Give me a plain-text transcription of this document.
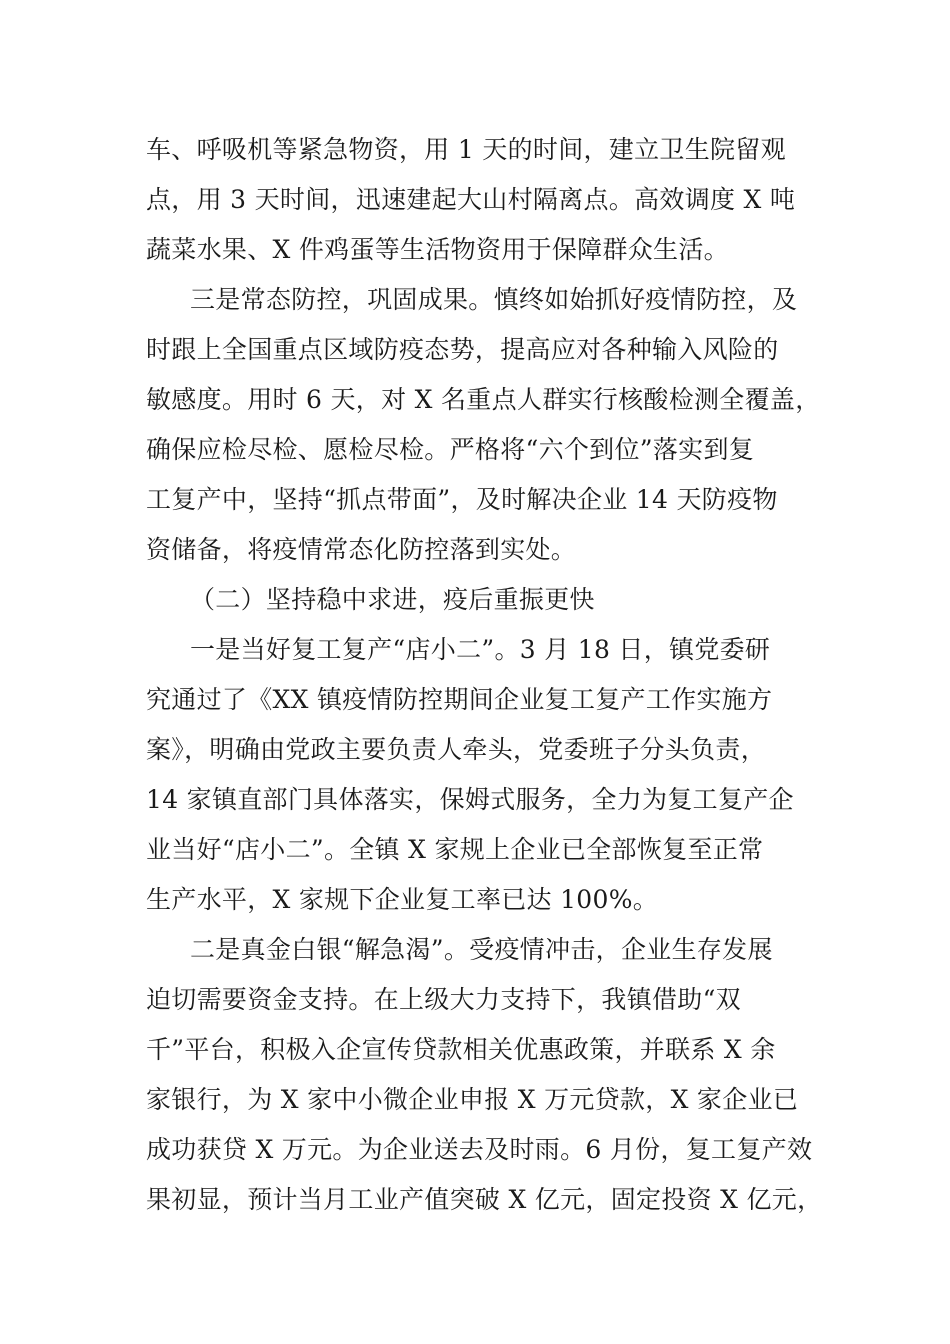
车、呼吸机等紧急物资，用 1 天的时间，建立卫生院留观
点，用 3 天时间，迅速建起大山村隔离点。高效调度 X 吨
蔬菜水果、X 件鸡蛋等生活物资用于保障群众生活。
三是常态防控，巩固成果。慎终如始抓好疫情防控，及
时跟上全国重点区域防疫态势，提高应对各种输入风险的
敏感度。用时 6 天，对 X 名重点人群实行核酸检测全覆盖，
确保应检尽检、愿检尽检。严格将“六个到位”落实到复
工复产中，坚持“抓点带面”，及时解决企业 14 天防疫物
资储备，将疫情常态化防控落到实处。
（二）坚持稳中求进，疫后重振更快
一是当好复工复产“店小二”。3 月 18 日，镇党委研
究通过了《XX 镇疫情防控期间企业复工复产工作实施方
案》，明确由党政主要负责人牵头，党委班子分头负责，
14 家镇直部门具体落实，保姆式服务，全力为复工复产企
业当好“店小二”。全镇 X 家规上企业已全部恢复至正常
生产水平，X 家规下企业复工率已达 100%。
二是真金白银“解急渴”。受疫情冲击，企业生存发展
迫切需要资金支持。在上级大力支持下，我镇借助“双
千”平台，积极入企宣传贷款相关优惠政策，并联系 X 余
家银行，为 X 家中小微企业申报 X 万元贷款，X 家企业已
成功获贷 X 万元。为企业送去及时雨。6 月份，复工复产效
果初显，预计当月工业产值突破 X 亿元，固定投资 X 亿元，
